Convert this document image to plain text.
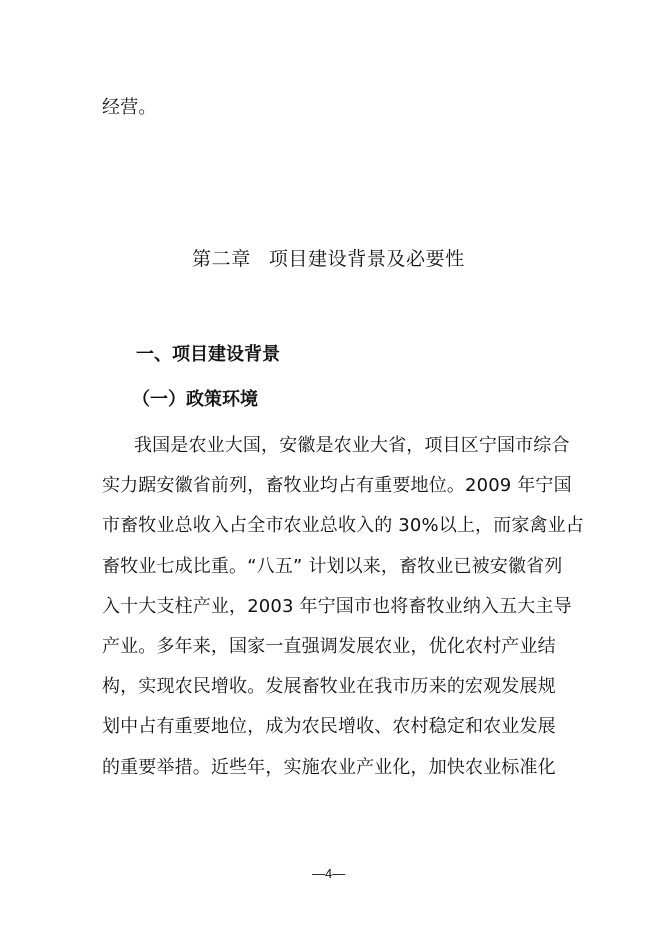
经营。
第二章 项目建设背景及必要性
一、项目建设背景
（一）政策环境
我国是农业大国，安徽是农业大省，项目区宁国市综合
实力踞安徽省前列，畜牧业均占有重要地位。2009 年宁国
市畜牧业总收入占全市农业总收入的 30%以上，而家禽业占
畜牧业七成比重。“八五” 计划以来，畜牧业已被安徽省列
入十大支柱产业，2003 年宁国市也将畜牧业纳入五大主导
产业。多年来，国家一直强调发展农业，优化农村产业结
构，实现农民增收。发展畜牧业在我市历来的宏观发展规
划中占有重要地位，成为农民增收、农村稳定和农业发展
的重要举措。近些年，实施农业产业化，加快农业标准化
—4—
